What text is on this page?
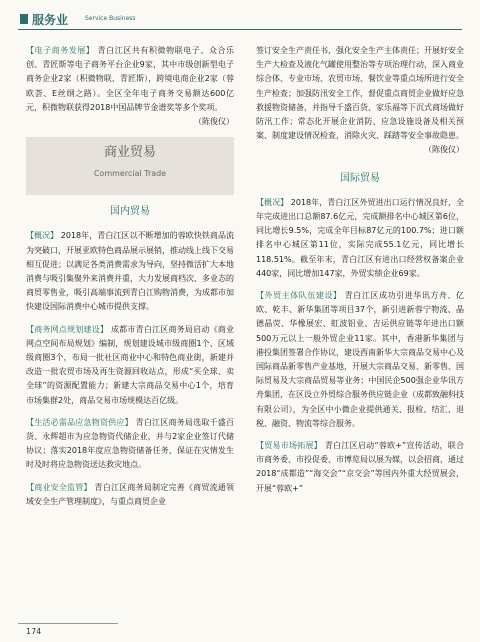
服务业	Service Business

【电子商务发展】 青白江区共有积微物联电子、众合乐创、青匠斯等电子商务平台企业9家，其中市级创新型电子商务企业2家（积微物联、青匠斯），跨境电商企业2家（蓉欧荟、E丝纲之路）。全区全年电子商务交易额达600亿元，积微物联获得2018中国品牌节金谱奖等多个奖项。

（陈俊仪）

商业贸易
Commercial Trade
国内贸易

【概况】 2018年，青白江区以不断增加的蓉欧快铁商品流为突破口，开展亚欧特色商品展示展销，推动线上线下交易相互促进；以满足各类消费需求为导向，坚持微活扩大本地消费与吸引集聚外来消费并重，大力发展商档次、多业态的商贸零售业，吸引高端事流到青白江购物消费，为成都市加快建设国际消费中心城市提供支撑。

【商务网点规划建设】 成都市青白江区商务局启动《商业网点空间布局规划》编制，规划建设城市级商圈1个、区域级商圈3个，布局一批社区商业中心和特色商业街，新建并改造一批农贸市场及再生资源回收站点，形成“买全球、卖全球”的资源配置能力；新建大宗商品交易中心1个，培育市场集群2处，商品交易市场规模达百亿级。

【生活必需品应急物资供应】 青白江区商务局选取千盛百货、永辉超市为应急物资代储企业，并与2家企业签订代储协议；落实2018年度应急物资储备任务，保证在灾情发生时及时将应急物资送达救灾地点。

【商业安全监管】 青白江区商务局制定完善《商贸流通领域安全生产管理制度》，与重点商贸企业

签订安全生产责任书，强化安全生产主体责任；开展好安全生产大检查及液化气罐使用整治等专项治理行动，深入商业综合体、专业市场、农贸市场、餐饮业等重点场所进行安全生产检查；加强防汛安全工作，督促重点商贸企业做好应急救援物资储备，并指导千盛百货、家乐福等下沉式商场做好防汛工作；常态化开展企业消防、应急设施设备及相关预案、制度建设情况检查，消除火灾、踩踏等安全事故隐患。

（陈俊仪）

国际贸易

【概况】 2018年，青白江区外贸进出口运行情况良好，全年完成进出口总额87.6亿元，完成额排名中心城区第6位，同比增长9.5%，完成全年目标87亿元的100.7%；进口额排名中心城区第11位，实际完成55.1亿元，同比增长118.51%。截至年末，青白江区有进出口经营权备案企业440家，同比增加147家，外贸实绩企业69家。

【外贸主体队伍建设】 青白江区成功引进华讯方舟、亿欧、乾丰、新华集团等项目37个，新引进新蓉宁物流、晶德晶荧、华橡展宏、虹波铝业、吉运供应链等年进出口额500万元以上一般外贸企业11家。其中，香港新华集团与港投集团签署合作协议，建设西南新华大宗商品交易中心及国际商品新零售产业基地，开展大宗商品交易、新零售、国际贸易及大宗商品贸易等业务；中国民企500强企业华讯方舟集团，在区设立外贸综合服务供应链企业（成都致融科技有限公司），为全区中小微企业提供通关、报检、结汇、退税、融资、物流等综合服务。

【贸易市场拓展】 青白江区启动“蓉欧+”宣传活动，联合市商务委、市投促委、市博览局以展为媒，以会招商，通过2018“成都造”“海交会”“京交会”等国内外重大经贸展会，开展“蓉欧+”

174
